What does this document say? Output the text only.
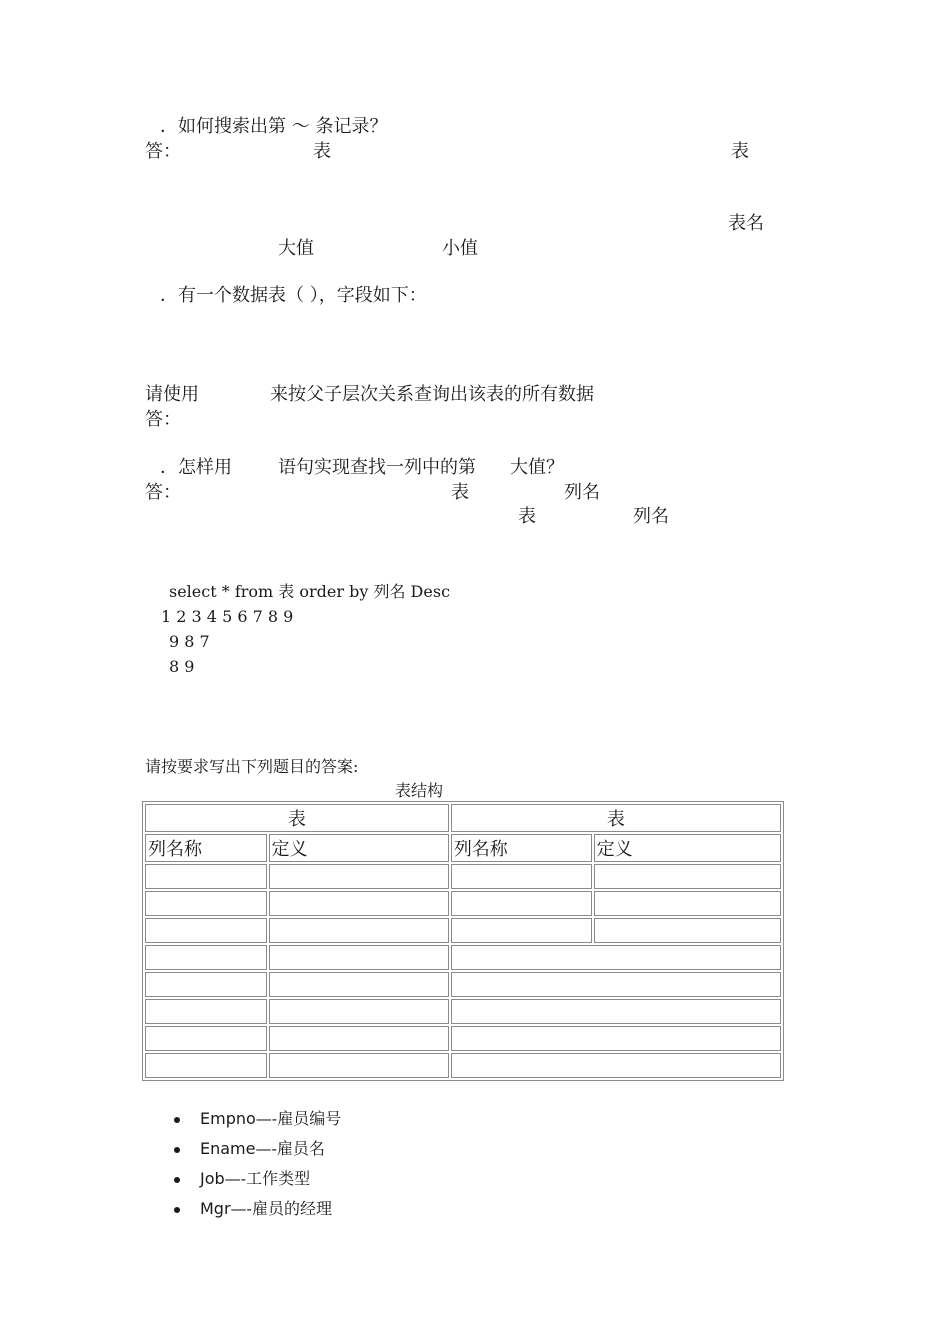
．如何搜索出第 ～ 条记录？
答：	表	表
表名
大值	小值
．有一个数据表（ ），字段如下：
请使用	来按父子层次关系查询出该表的所有数据
答：
．怎样用	语句实现查找一列中的第 大值？
答：	表	列名
表	列名
select * from 表 order by 列名 Desc
1 2 3 4 5 6 7 8 9
9 8 7
8 9
请按要求写出下列题目的答案:
表结构
表		表	
列名称	定义	列名称	定义

Empno—-雇员编号
Ename—-雇员名
Job—-工作类型
Mgr—-雇员的经理
